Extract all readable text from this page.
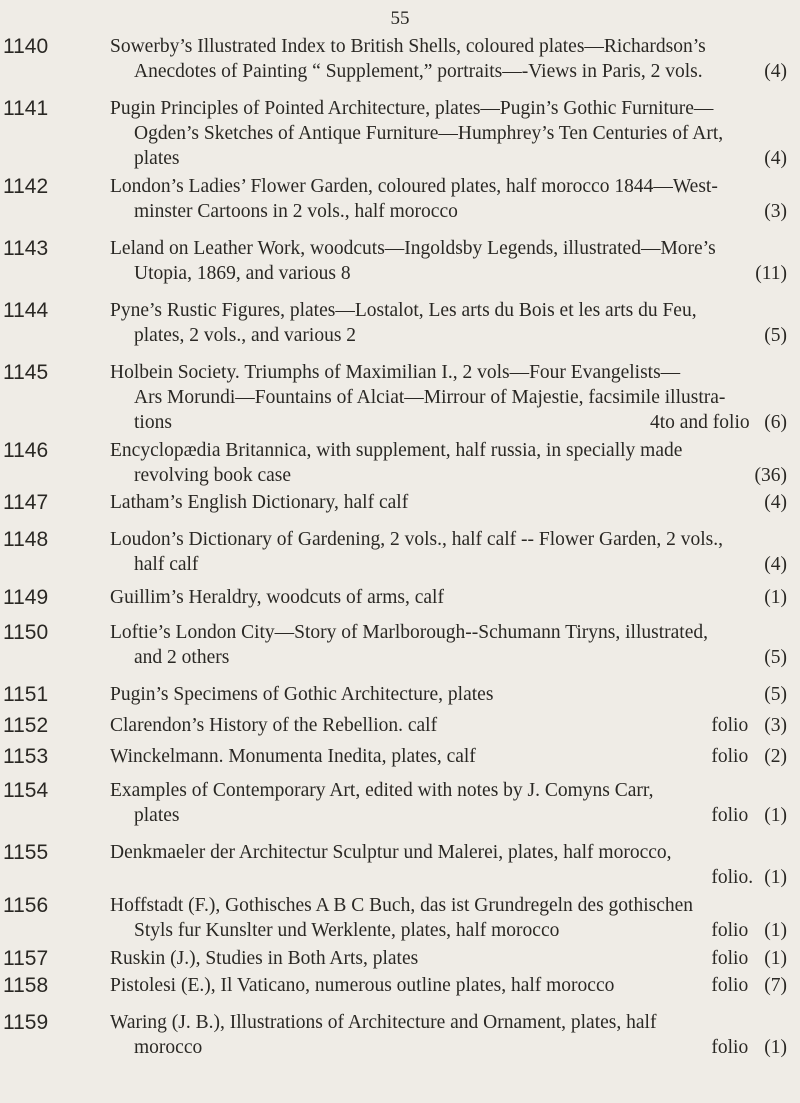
55
1140	Sowerby’s Illustrated Index to British Shells, coloured plates—Richardson’s
Anecdotes of Painting “ Supplement,” portraits—-Views in Paris, 2 vols.	(4)
1141	Pugin Principles of Pointed Architecture, plates—Pugin’s Gothic Furniture—
Ogden’s Sketches of Antique Furniture—Humphrey’s Ten Centuries of Art,
plates	(4)
1142	London’s Ladies’ Flower Garden, coloured plates, half morocco 1844—West-
minster Cartoons in 2 vols., half morocco	(3)
1143	Leland on Leather Work, woodcuts—Ingoldsby Legends, illustrated—More’s
Utopia, 1869, and various 8	(11)
1144	Pyne’s Rustic Figures, plates—Lostalot, Les arts du Bois et les arts du Feu,
plates, 2 vols., and various 2	(5)
1145	Holbein Society. Triumphs of Maximilian I., 2 vols—Four Evangelists—
Ars Morundi—Fountains of Alciat—Mirrour of Majestie, facsimile illustra-
tions	4to and folio (6)
1146	Encyclopædia Britannica, with supplement, half russia, in specially made
revolving book case	(36)
1147	Latham’s English Dictionary, half calf	(4)
1148	Loudon’s Dictionary of Gardening, 2 vols., half calf -- Flower Garden, 2 vols.,
half calf	(4)
1149	Guillim’s Heraldry, woodcuts of arms, calf	(1)
1150	Loftie’s London City—Story of Marlborough--Schumann Tiryns, illustrated,
and 2 others	(5)
1151	Pugin’s Specimens of Gothic Architecture, plates	(5)
1152	Clarendon’s History of the Rebellion. calf	folio (3)
1153	Winckelmann. Monumenta Inedita, plates, calf	folio (2)
1154	Examples of Contemporary Art, edited with notes by J. Comyns Carr,
plates	folio (1)
1155	Denkmaeler der Architectur Sculptur und Malerei, plates, half morocco,
folio. (1)
1156	Hoffstadt (F.), Gothisches A B C Buch, das ist Grundregeln des gothischen
Styls fur Kunslter und Werklente, plates, half morocco	folio (1)
1157	Ruskin (J.), Studies in Both Arts, plates	folio (1)
1158	Pistolesi (E.), Il Vaticano, numerous outline plates, half morocco	folio (7)
1159	Waring (J. B.), Illustrations of Architecture and Ornament, plates, half
morocco	folio (1)
